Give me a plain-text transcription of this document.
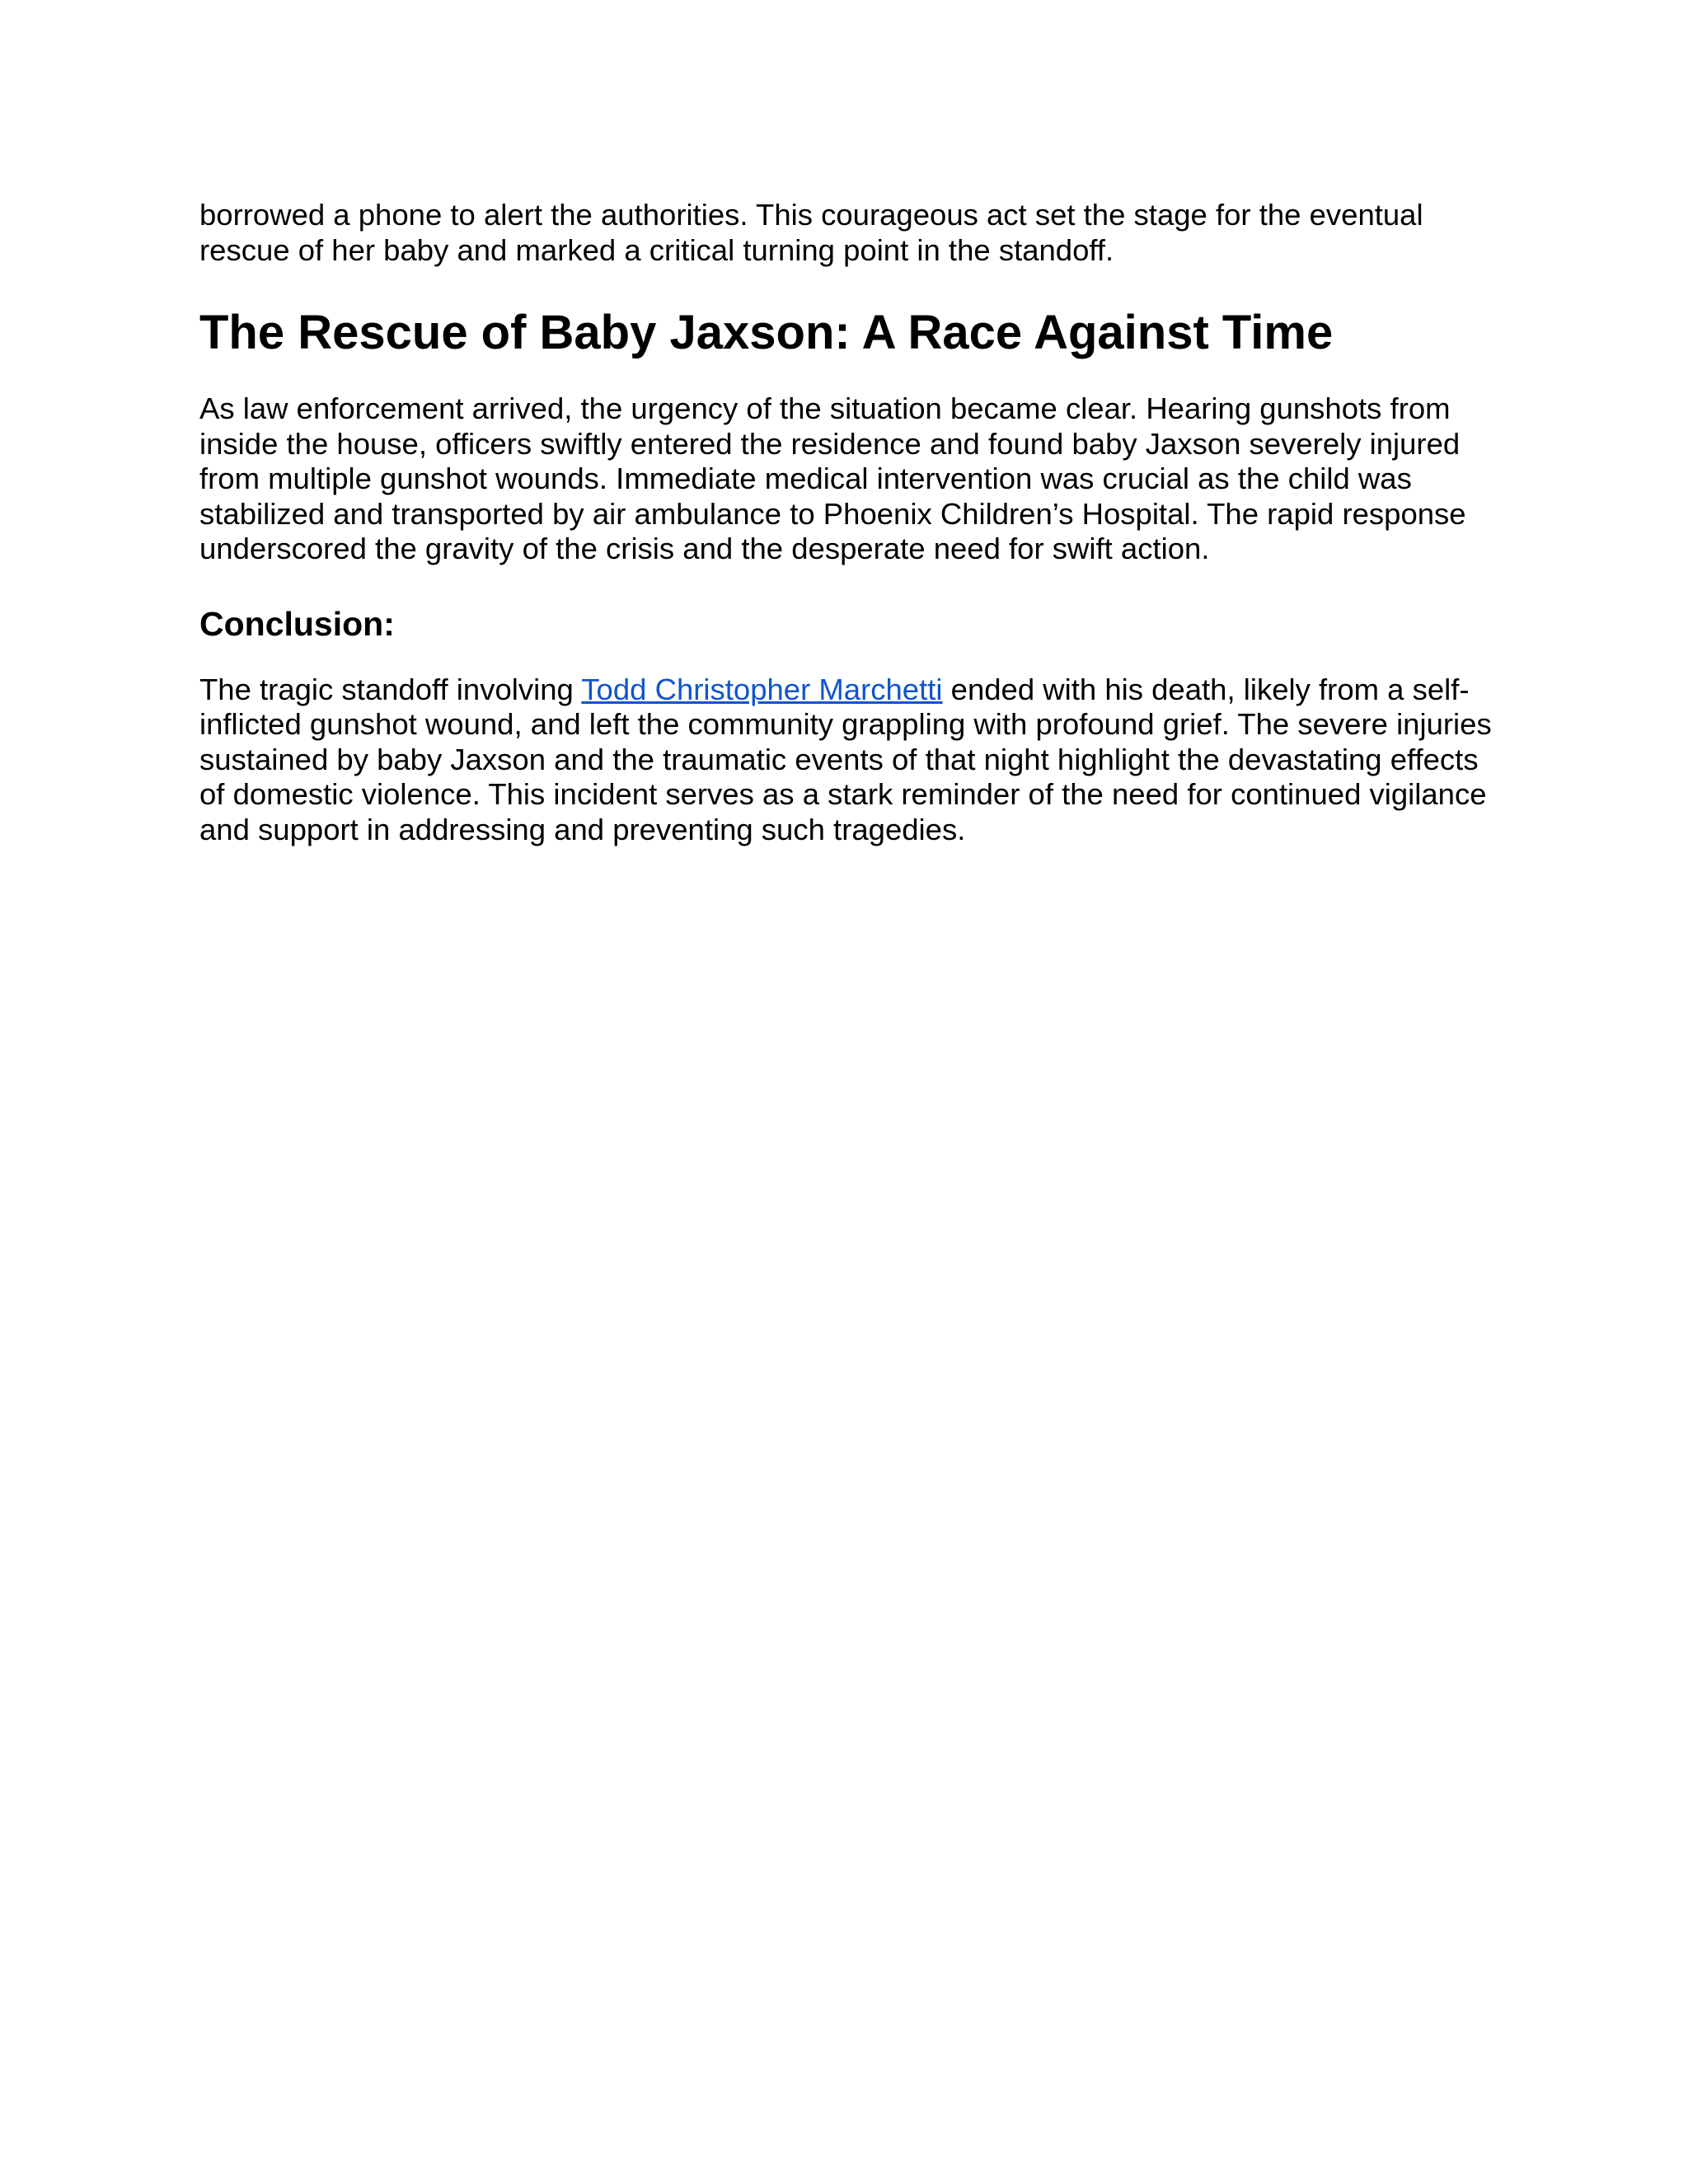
borrowed a phone to alert the authorities. This courageous act set the stage for the eventual rescue of her baby and marked a critical turning point in the standoff.

The Rescue of Baby Jaxson: A Race Against Time

As law enforcement arrived, the urgency of the situation became clear. Hearing gunshots from inside the house, officers swiftly entered the residence and found baby Jaxson severely injured from multiple gunshot wounds. Immediate medical intervention was crucial as the child was stabilized and transported by air ambulance to Phoenix Children’s Hospital. The rapid response underscored the gravity of the crisis and the desperate need for swift action.

Conclusion:

The tragic standoff involving Todd Christopher Marchetti ended with his death, likely from a self-inflicted gunshot wound, and left the community grappling with profound grief. The severe injuries sustained by baby Jaxson and the traumatic events of that night highlight the devastating effects of domestic violence. This incident serves as a stark reminder of the need for continued vigilance and support in addressing and preventing such tragedies.
